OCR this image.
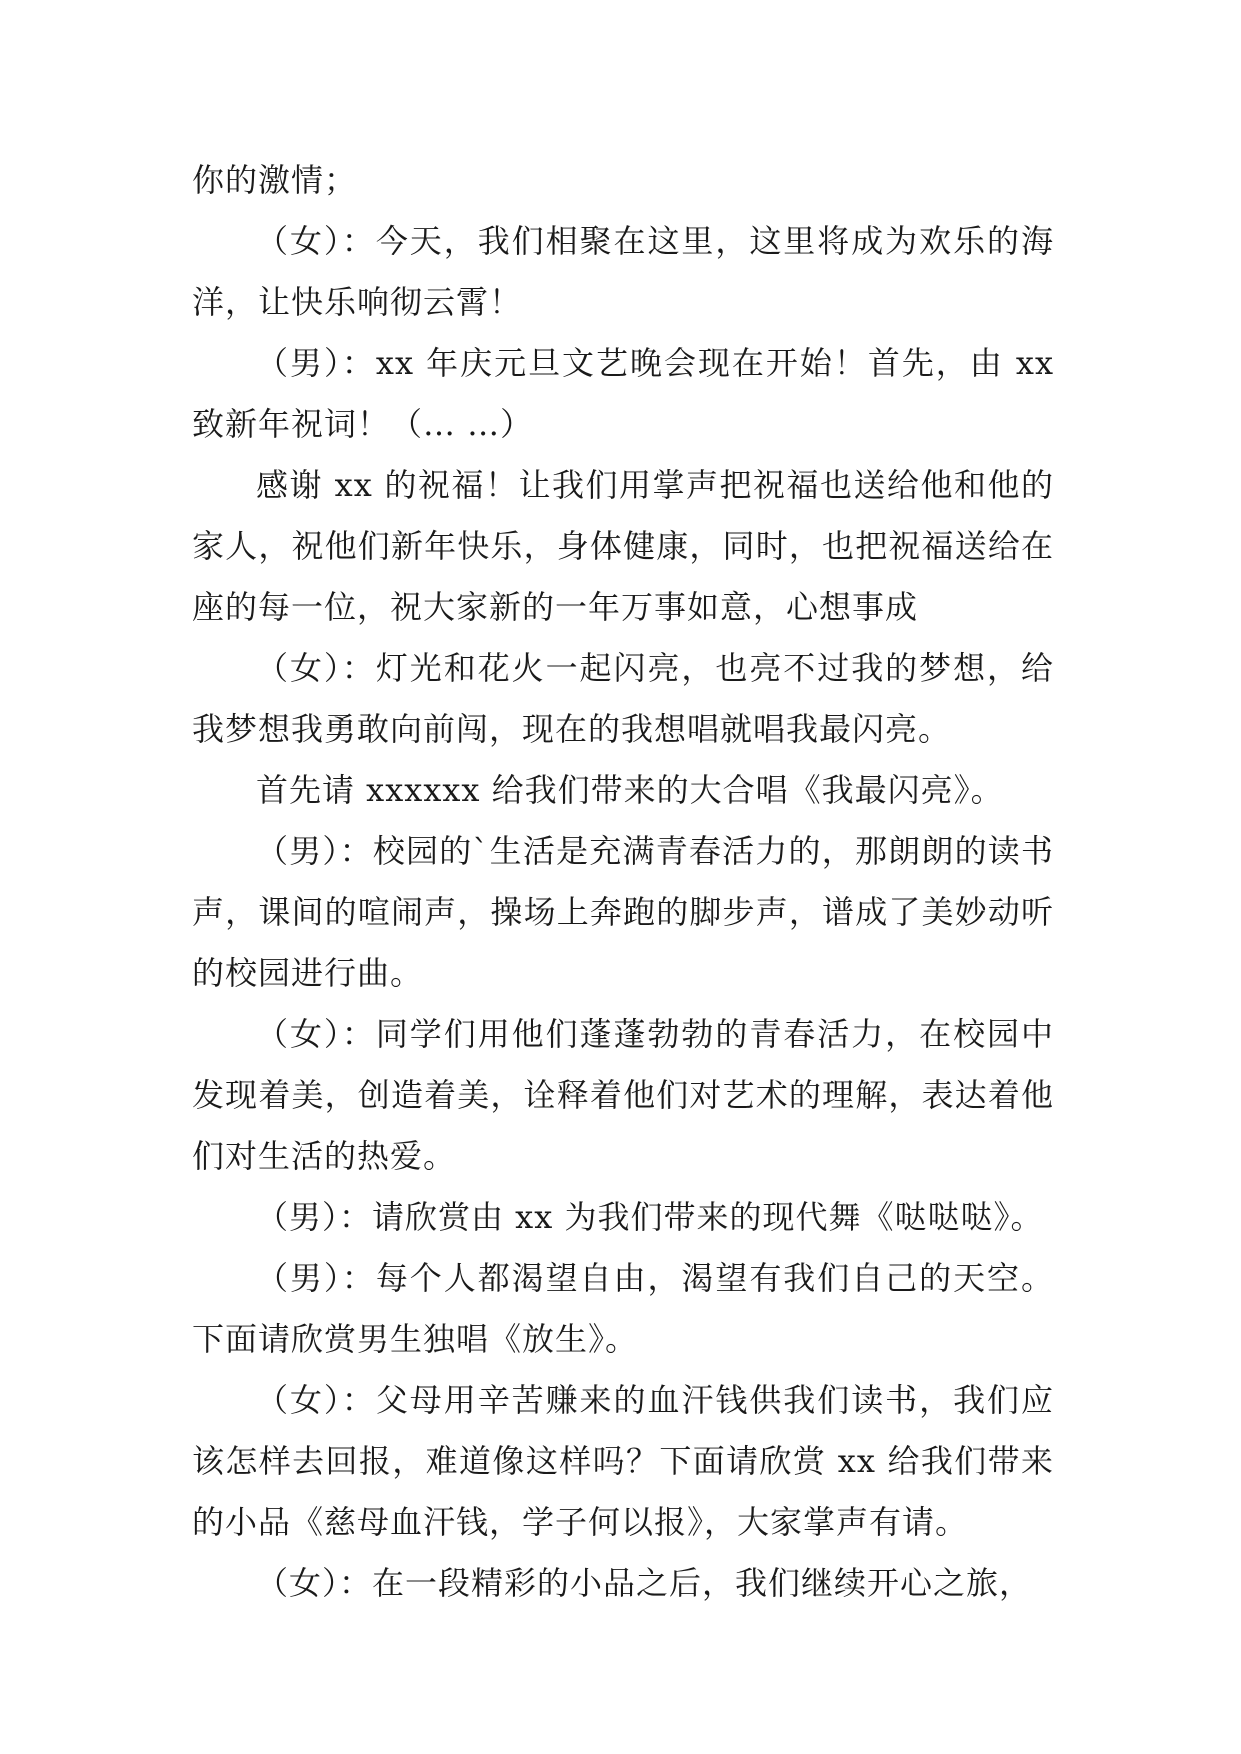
你的激情；

（女）：今天，我们相聚在这里，这里将成为欢乐的海洋，让快乐响彻云霄！

（男）：xx 年庆元旦文艺晚会现在开始！首先，由 xx 致新年祝词！（… …）

感谢 xx 的祝福！让我们用掌声把祝福也送给他和他的家人，祝他们新年快乐，身体健康，同时，也把祝福送给在座的每一位，祝大家新的一年万事如意，心想事成

（女）：灯光和花火一起闪亮，也亮不过我的梦想，给我梦想我勇敢向前闯，现在的我想唱就唱我最闪亮。

首先请 xxxxxx 给我们带来的大合唱《我最闪亮》。

（男）：校园的`生活是充满青春活力的，那朗朗的读书声，课间的喧闹声，操场上奔跑的脚步声，谱成了美妙动听的校园进行曲。

（女）：同学们用他们蓬蓬勃勃的青春活力，在校园中发现着美，创造着美，诠释着他们对艺术的理解，表达着他们对生活的热爱。

（男）：请欣赏由 xx 为我们带来的现代舞《哒哒哒》。

（男）：每个人都渴望自由，渴望有我们自己的天空。下面请欣赏男生独唱《放生》。

（女）：父母用辛苦赚来的血汗钱供我们读书，我们应该怎样去回报，难道像这样吗？下面请欣赏 xx 给我们带来的小品《慈母血汗钱，学子何以报》，大家掌声有请。

（女）：在一段精彩的小品之后，我们继续开心之旅，
